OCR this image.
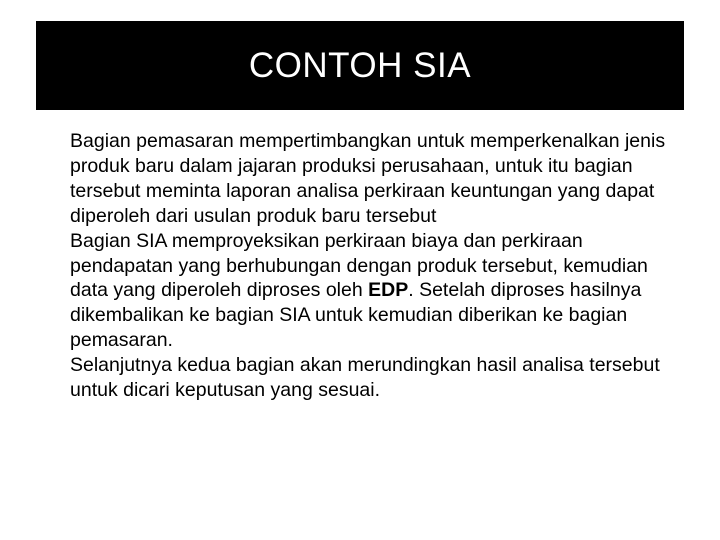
CONTOH SIA

Bagian pemasaran mempertimbangkan untuk memperkenalkan jenis produk baru dalam jajaran produksi perusahaan, untuk itu bagian tersebut meminta laporan analisa perkiraan keuntungan yang dapat diperoleh dari usulan produk baru tersebut

Bagian SIA memproyeksikan perkiraan biaya dan perkiraan pendapatan yang berhubungan dengan produk tersebut, kemudian data yang diperoleh diproses oleh EDP. Setelah diproses hasilnya dikembalikan ke bagian SIA untuk kemudian diberikan ke bagian pemasaran.

Selanjutnya kedua bagian akan merundingkan hasil analisa tersebut untuk dicari keputusan yang sesuai.
